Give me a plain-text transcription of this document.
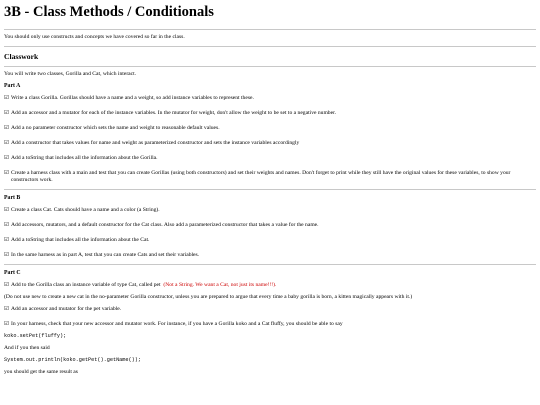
3B - Class Methods / Conditionals

You should only use constructs and concepts we have covered so far in the class.

Classwork

You will write two classes, Gorilla and Cat, which interact.

Part A

☑ Write a class Gorilla. Gorillas should have a name and a weight, so add instance variables to represent these.

☑ Add an accessor and a mutator for each of the instance variables. In the mutator for weight, don't allow the weight to be set to a negative number.

☑ Add a no parameter constructor which sets the name and weight to reasonable default values.

☑ Add a constructor that takes values for name and weight as parameterized constructor and sets the instance variables accordingly

☑ Add a toString that includes all the information about the Gorilla.

☑ Create a harness class with a main and test that you can create Gorillas (using both constructors) and set their weights and names. Don't forget to print while they still have the original values for these variables, to show your constructors work.

Part B

☑ Create a class Cat. Cats should have a name and a color (a String).

☑ Add accessors, mutators, and a default constructor for the Cat class. Also add a parameterized constructor that takes a value for the name.

☑ Add a toString that includes all the information about the Cat.

☑ In the same harness as in part A, test that you can create Cats and set their variables.

Part C

☑ Add to the Gorilla class an instance variable of type Cat, called pet (Not a String. We want a Cat, not just its name!!!).

(Do not use new to create a new cat in the no-parameter Gorilla constructor, unless you are prepared to argue that every time a baby gorilla is born, a kitten magically appears with it.)

☑ Add an accessor and mutator for the pet variable.

☑ In your harness, check that your new accessor and mutator work. For instance, if you have a Gorilla koko and a Cat fluffy, you should be able to say

koko.setPet(fluffy);

And if you then said

System.out.println(koko.getPet().getName());

you should get the same result as
